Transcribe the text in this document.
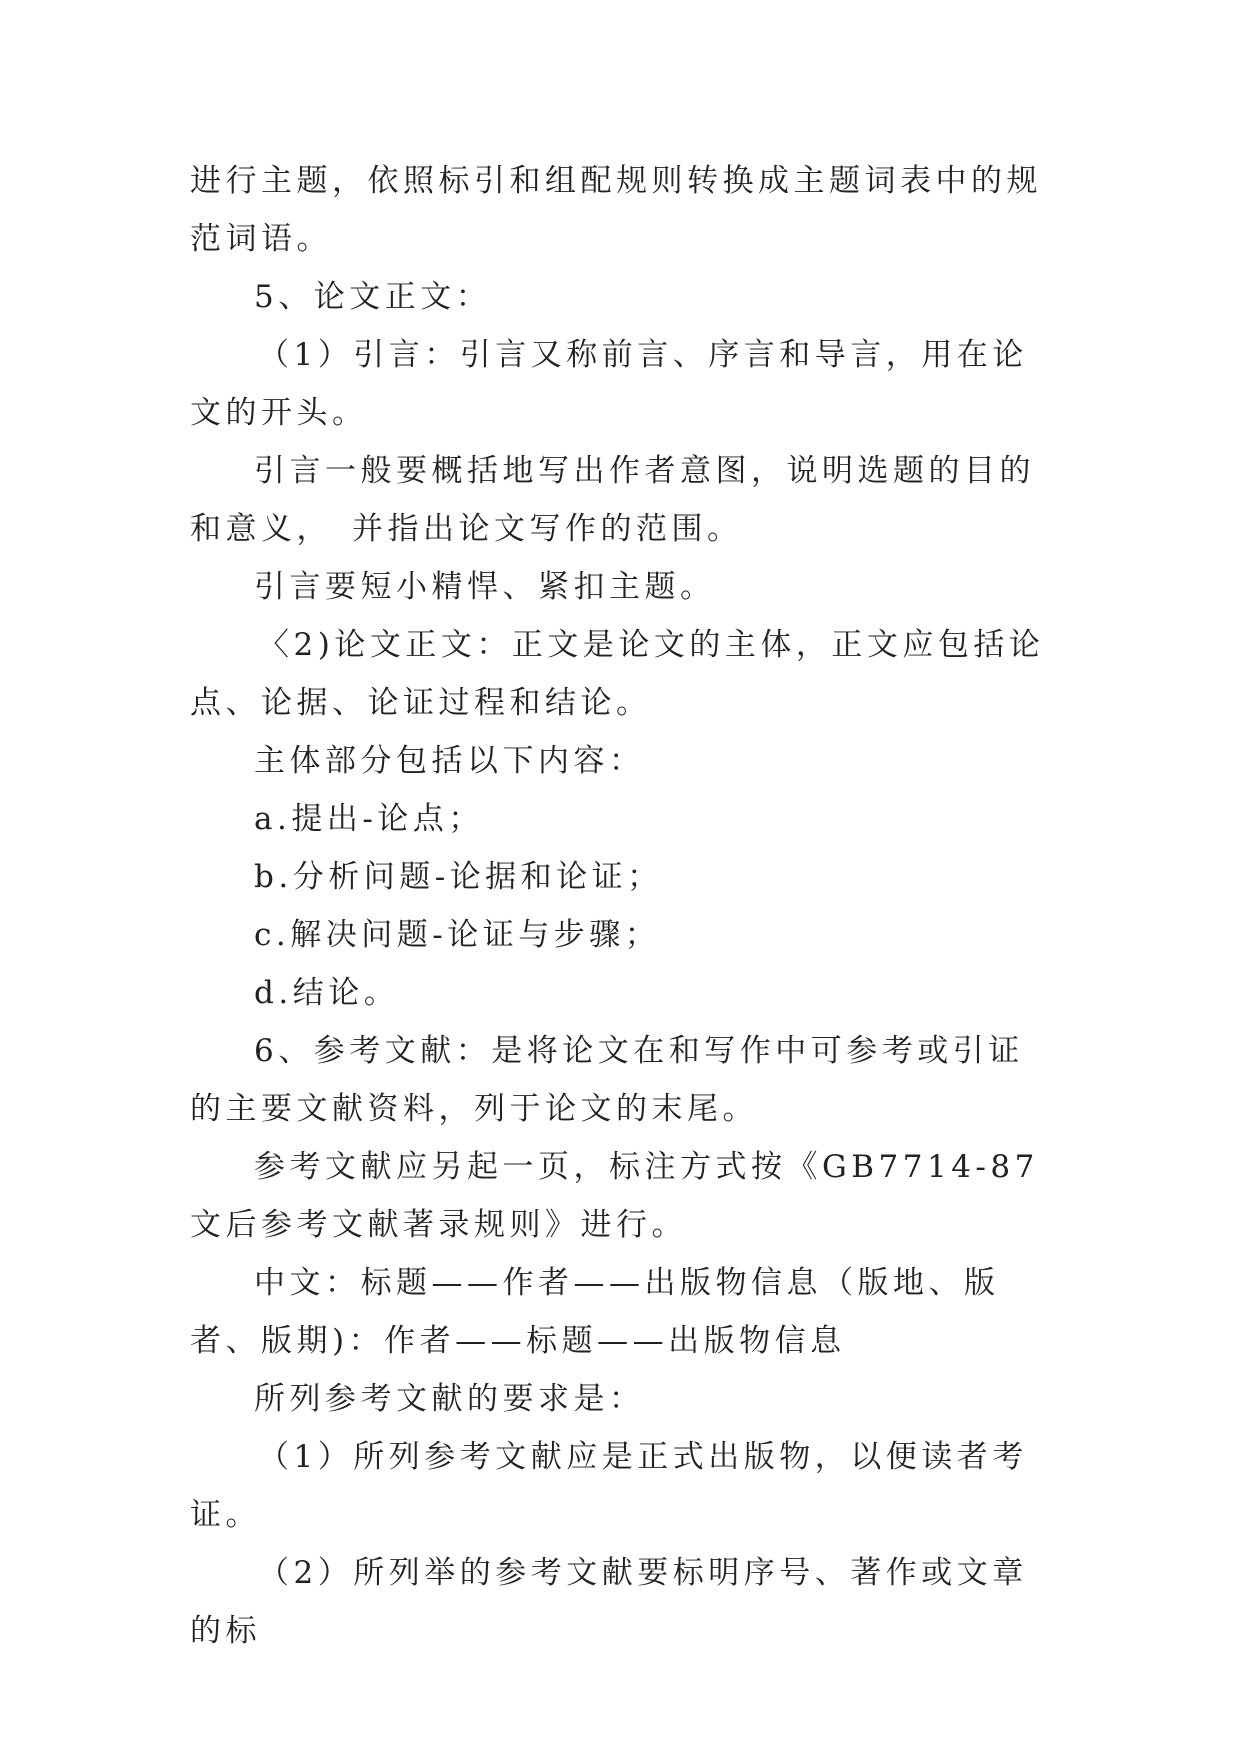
进行主题，依照标引和组配规则转换成主题词表中的规范词语。

5、论文正文：

（1）引言：引言又称前言、序言和导言，用在论文的开头。

引言一般要概括地写出作者意图，说明选题的目的和意义，　并指出论文写作的范围。

引言要短小精悍、紧扣主题。

〈2)论文正文：正文是论文的主体，正文应包括论点、论据、论证过程和结论。

主体部分包括以下内容：

a.提出-论点；

b.分析问题-论据和论证；

c.解决问题-论证与步骤；

d.结论。

6、参考文献：是将论文在和写作中可参考或引证的主要文献资料，列于论文的末尾。

参考文献应另起一页，标注方式按《GB7714-87文后参考文献著录规则》进行。

中文：标题——作者——出版物信息（版地、版者、版期)：作者——标题——出版物信息

所列参考文献的要求是：

（1）所列参考文献应是正式出版物，以便读者考证。

（2）所列举的参考文献要标明序号、著作或文章的标
